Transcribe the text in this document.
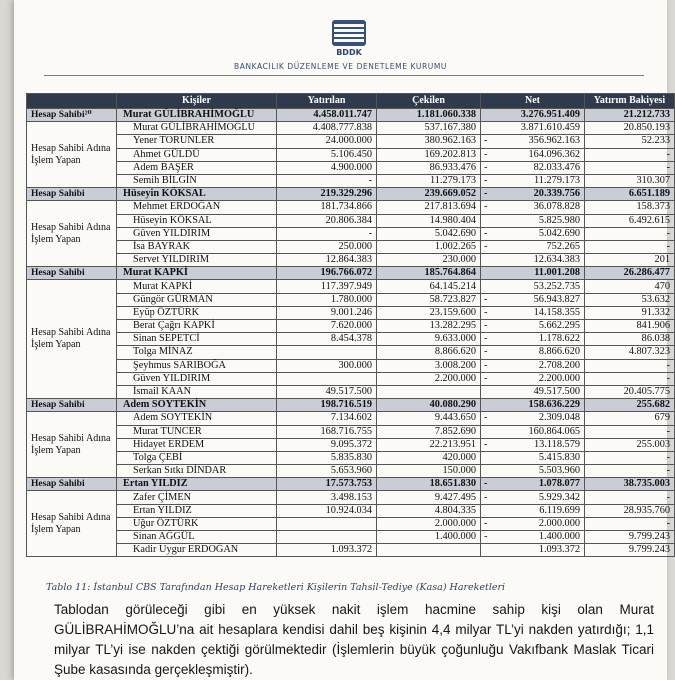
BDDK
BANKACILIK DÜZENLEME VE DENETLEME KURUMU
	Kişiler	Yatırılan	Çekilen	Net	Yatırım Bakiyesi
Hesap Sahibi²⁰	Murat GÜLİBRAHİMOĞLU	4.458.011.747	1.181.060.338	3.276.951.409	21.212.733
Hesap Sahibi Adına İşlem Yapan	Murat GÜLİBRAHİMOĞLU	4.408.777.838	537.167.380	3.871.610.459	20.850.193
	Yener TORUNLER	24.000.000	380.962.163	- 356.962.163	52.233
	Ahmet GÜLDÜ	5.106.450	169.202.813	- 164.096.362	-
	Adem BAŞER	4.900.000	86.933.476	- 82.033.476	-
	Semih BİLGİN	-	11.279.173	- 11.279.173	310.307
Hesap Sahibi	Hüseyin KÖKSAL	219.329.296	239.669.052	- 20.339.756	6.651.189
Hesap Sahibi Adına İşlem Yapan	Mehmet ERDOĞAN	181.734.866	217.813.694	- 36.078.828	158.373
	Hüseyin KÖKSAL	20.806.384	14.980.404	5.825.980	6.492.615
	Güven YILDIRIM	-	5.042.690	- 5.042.690	-
	İsa BAYRAK	250.000	1.002.265	- 752.265	-
	Servet YILDIRIM	12.864.383	230.000	12.634.383	201
Hesap Sahibi	Murat KAPKİ	196.766.072	185.764.864	11.001.208	26.286.477
Hesap Sahibi Adına İşlem Yapan	Murat KAPKİ	117.397.949	64.145.214	53.252.735	470
	Güngör GÜRMAN	1.780.000	58.723.827	- 56.943.827	53.632
	Eyüp ÖZTÜRK	9.001.246	23.159.600	- 14.158.355	91.332
	Berat Çağrı KAPKİ	7.620.000	13.282.295	- 5.662.295	841.906
	Sinan SEPETCİ	8.454.378	9.633.000	- 1.178.622	86.038
	Tolga MİNAZ		8.866.620	- 8.866.620	4.807.323
	Şeyhmus SARIBOĞA	300.000	3.008.200	- 2.708.200	-
	Güven YILDIRIM		2.200.000	- 2.200.000	-
	İsmail KAAN	49.517.500		49.517.500	20.405.775
Hesap Sahibi	Adem SOYTEKİN	198.716.519	40.080.290	158.636.229	255.682
Hesap Sahibi Adına İşlem Yapan	Adem SOYTEKİN	7.134.602	9.443.650	- 2.309.048	679
	Murat TUNCER	168.716.755	7.852.690	160.864.065	-
	Hidayet ERDEM	9.095.372	22.213.951	- 13.118.579	255.003
	Tolga ÇEBİ	5.835.830	420.000	5.415.830	-
	Serkan Sıtkı DİNDAR	5.653.960	150.000	5.503.960	-
Hesap Sahibi	Ertan YILDIZ	17.573.753	18.651.830	- 1.078.077	38.735.003
Hesap Sahibi Adına İşlem Yapan	Zafer ÇİMEN	3.498.153	9.427.495	- 5.929.342	-
	Ertan YILDIZ	10.924.034	4.804.335	6.119.699	28.935.760
	Uğur ÖZTÜRK		2.000.000	- 2.000.000	-
	Sinan AĞGÜL		1.400.000	- 1.400.000	9.799.243
	Kadir Uygur ERDOĞAN	1.093.372		1.093.372	9.799.243
Tablo 11: İstanbul CBS Tarafından Hesap Hareketleri Kişilerin Tahsil-Tediye (Kasa) Hareketleri
Tablodan görüleceği gibi en yüksek nakit işlem hacmine sahip kişi olan Murat GÜLİBRAHİMOĞLU’na ait hesaplara kendisi dahil beş kişinin 4,4 milyar TL’yi nakden yatırdığı; 1,1 milyar TL’yi ise nakden çektiği görülmektedir (İşlemlerin büyük çoğunluğu Vakıfbank Maslak Ticari Şube kasasında gerçekleşmiştir).
